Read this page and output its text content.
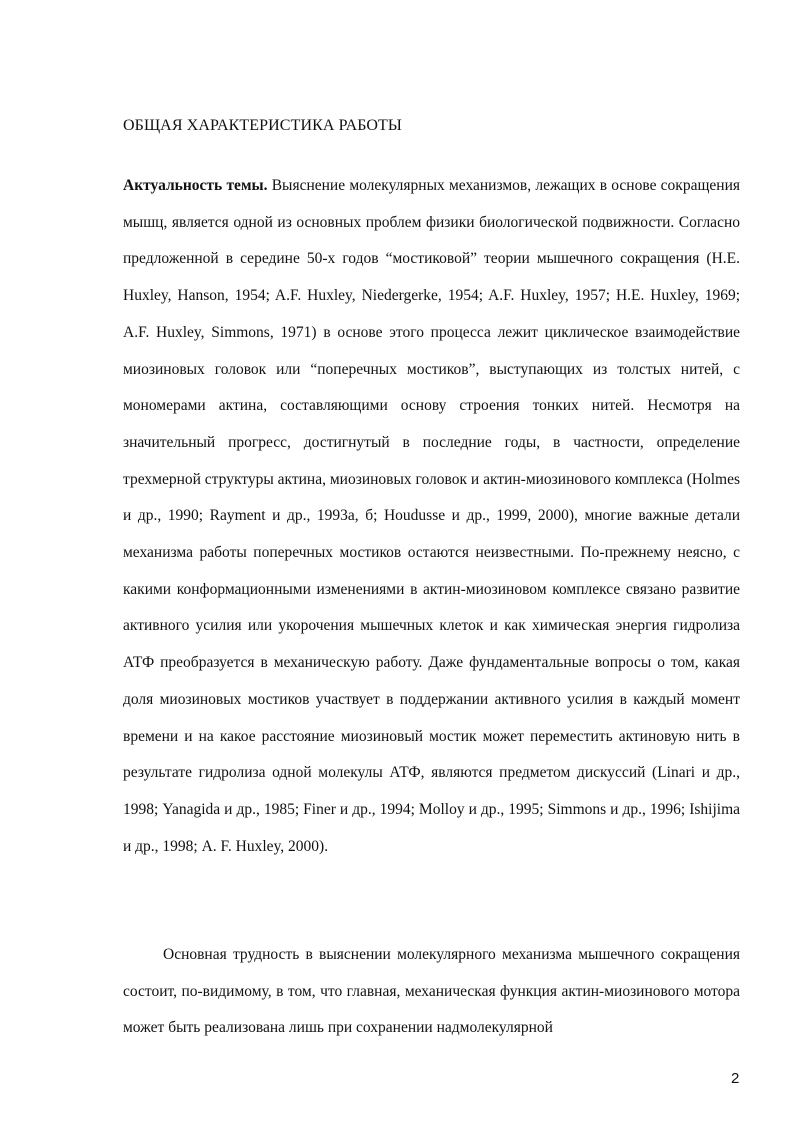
ОБЩАЯ ХАРАКТЕРИСТИКА РАБОТЫ

Актуальность темы. Выяснение молекулярных механизмов, лежащих в основе сокращения мышц, является одной из основных проблем физики биологической подвижности. Согласно предложенной в середине 50-х годов “мостиковой” теории мышечного сокращения (H.E. Huxley, Hanson, 1954; A.F. Huxley, Niedergerke, 1954; A.F. Huxley, 1957; H.E. Huxley, 1969; A.F. Huxley, Simmons, 1971) в основе этого процесса лежит циклическое взаимодействие миозиновых головок или “поперечных мостиков”, выступающих из толстых нитей, с мономерами актина, составляющими основу строения тонких нитей. Несмотря на значительный прогресс, достигнутый в последние годы, в частности, определение трехмерной структуры актина, миозиновых головок и актин-миозинового комплекса (Holmes и др., 1990; Rayment и др., 1993а, б; Houdusse и др., 1999, 2000), многие важные детали механизма работы поперечных мостиков остаются неизвестными. По-прежнему неясно, с какими конформационными изменениями в актин-миозиновом комплексе связано развитие активного усилия или укорочения мышечных клеток и как химическая энергия гидролиза АТФ преобразуется в механическую работу. Даже фундаментальные вопросы о том, какая доля миозиновых мостиков участвует в поддержании активного усилия в каждый момент времени и на какое расстояние миозиновый мостик может переместить актиновую нить в результате гидролиза одной молекулы АТФ, являются предметом дискуссий (Linari и др., 1998; Yanagida и др., 1985; Finer и др., 1994; Molloy и др., 1995; Simmons и др., 1996; Ishijima и др., 1998; A. F. Huxley, 2000).

Основная трудность в выяснении молекулярного механизма мышечного сокращения состоит, по-видимому, в том, что главная, механическая функция актин-миозинового мотора может быть реализована лишь при сохранении надмолекулярной

2
